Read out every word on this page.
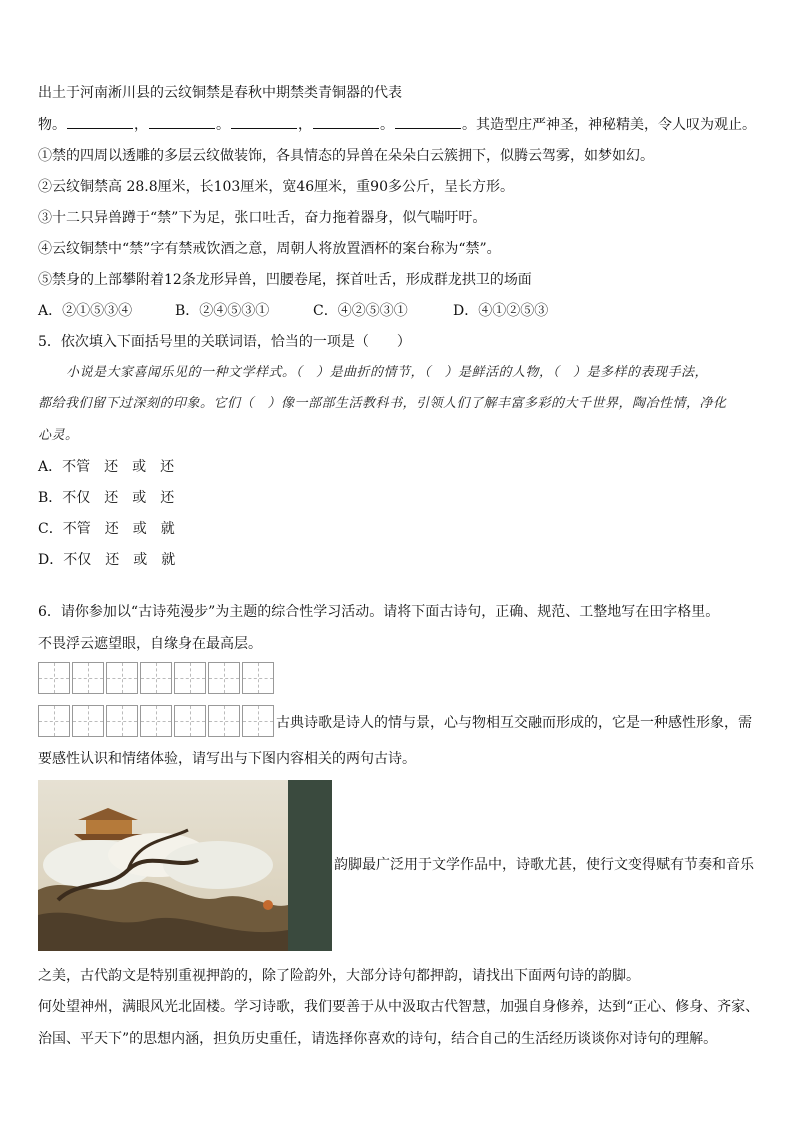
出土于河南淅川县的云纹铜禁是春秋中期禁类青铜器的代表
物。	，	。	，	。	。其造型庄严神圣，神秘精美，令人叹为观止。
①禁的四周以透雕的多层云纹做装饰，各具情态的异兽在朵朵白云簇拥下，似腾云驾雾，如梦如幻。
②云纹铜禁高 28.8厘米，长103厘米，宽46厘米，重90多公斤，呈长方形。
③十二只异兽蹲于“禁”下为足，张口吐舌，奋力拖着器身，似气喘吁吁。
④云纹铜禁中“禁”字有禁戒饮酒之意，周朝人将放置酒杯的案台称为“禁”。
⑤禁身的上部攀附着12条龙形异兽，凹腰卷尾，探首吐舌，形成群龙拱卫的场面
A．②①⑤③④	B．②④⑤③①	C．④②⑤③①	D．④①②⑤③
5．依次填入下面括号里的关联词语，恰当的一项是（　　）
小说是大家喜闻乐见的一种文学样式。（　）是曲折的情节，（　）是鲜活的人物，（　）是多样的表现手法，
都给我们留下过深刻的印象。它们（　）像一部部生活教科书，引领人们了解丰富多彩的大千世界，陶冶性情，净化
心灵。
A．不管　还　或　还
B．不仅　还　或　还
C．不管　还　或　就
D．不仅　还　或　就
6．请你参加以“古诗苑漫步”为主题的综合性学习活动。请将下面古诗句，正确、规范、工整地写在田字格里。
不畏浮云遮望眼，自缘身在最高层。
古典诗歌是诗人的情与景，心与物相互交融而形成的，它是一种感性形象，需
要感性认识和情绪体验，请写出与下图内容相关的两句古诗。
韵脚最广泛用于文学作品中，诗歌尤甚，使行文变得赋有节奏和音乐
之美，古代韵文是特别重视押韵的，除了险韵外，大部分诗句都押韵，请找出下面两句诗的韵脚。
何处望神州，满眼风光北固楼。学习诗歌，我们要善于从中汲取古代智慧，加强自身修养，达到“正心、修身、齐家、
治国、平天下”的思想内涵，担负历史重任，请选择你喜欢的诗句，结合自己的生活经历谈谈你对诗句的理解。
